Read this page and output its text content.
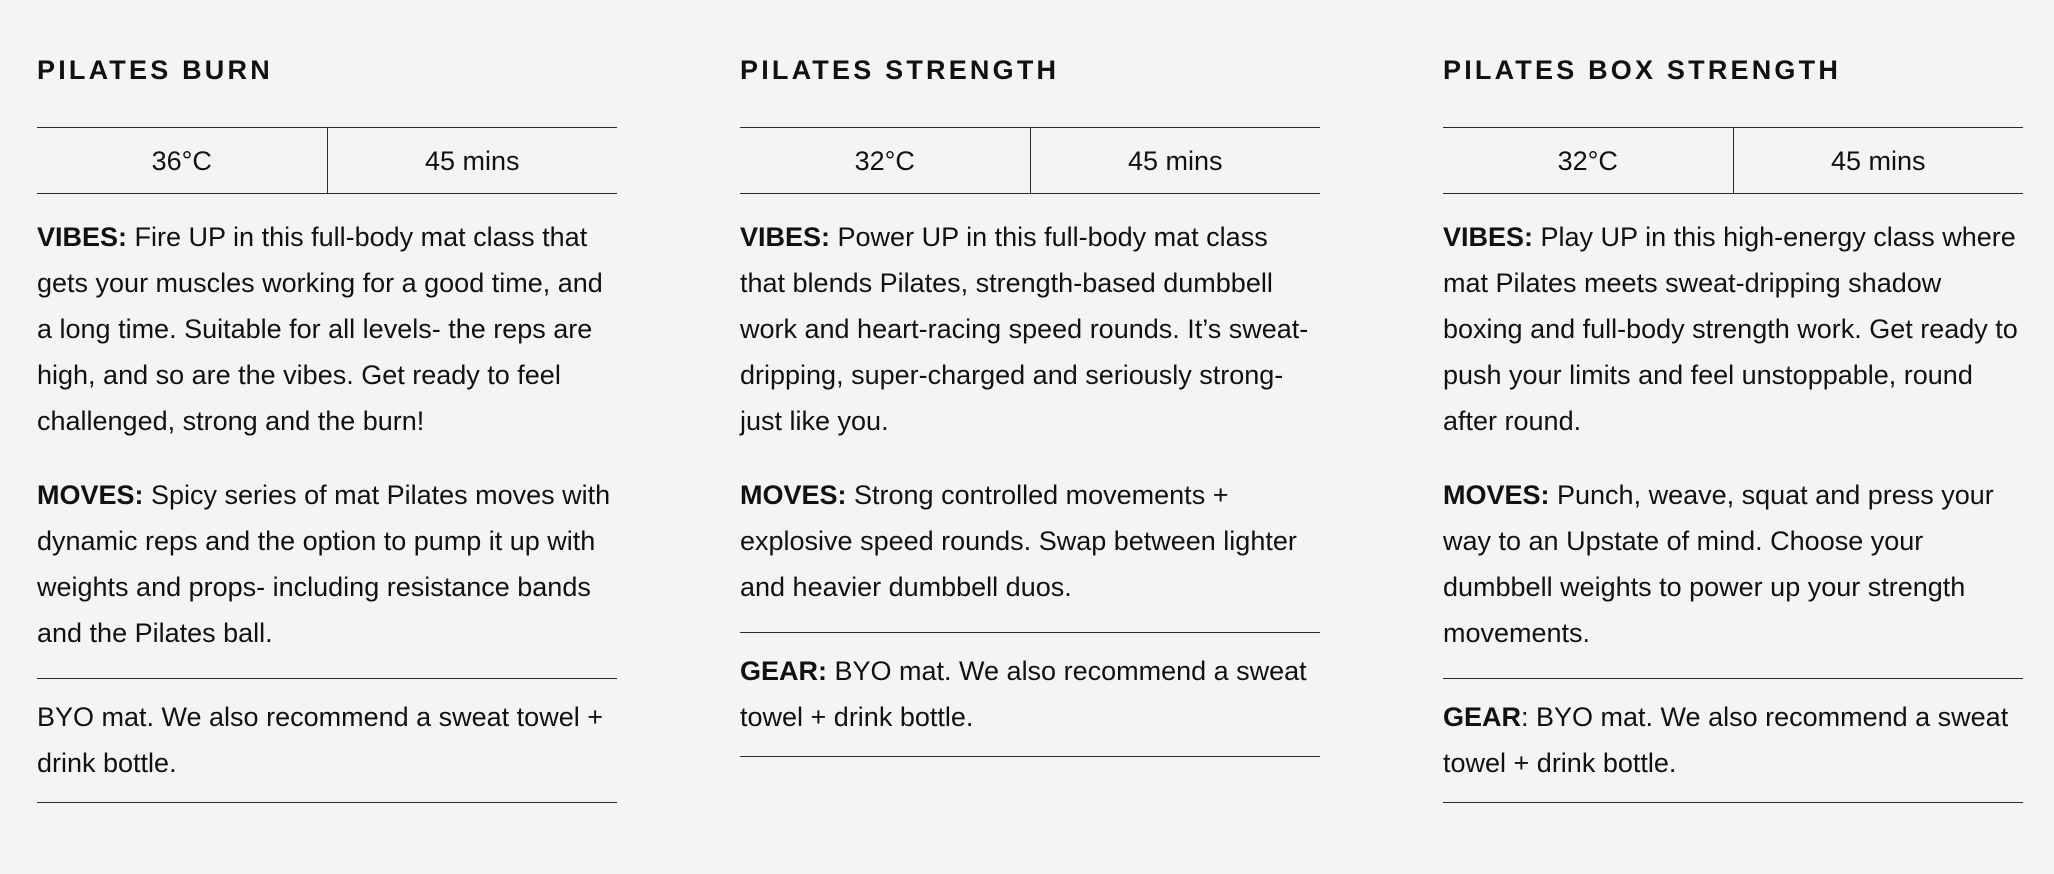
PILATES BURN
36°C	45 mins

VIBES: Fire UP in this full-body mat class that gets your muscles working for a good time, and a long time. Suitable for all levels- the reps are high, and so are the vibes. Get ready to feel challenged, strong and the burn!

MOVES: Spicy series of mat Pilates moves with dynamic reps and the option to pump it up with weights and props- including resistance bands and the Pilates ball.

BYO mat. We also recommend a sweat towel + drink bottle.

PILATES STRENGTH
32°C	45 mins

VIBES: Power UP in this full-body mat class that blends Pilates, strength-based dumbbell work and heart-racing speed rounds. It’s sweat-dripping, super-charged and seriously strong- just like you.

MOVES: Strong controlled movements + explosive speed rounds. Swap between lighter and heavier dumbbell duos.

GEAR: BYO mat. We also recommend a sweat towel + drink bottle.

PILATES BOX STRENGTH
32°C	45 mins

VIBES: Play UP in this high-energy class where mat Pilates meets sweat-dripping shadow boxing and full-body strength work. Get ready to push your limits and feel unstoppable, round after round.

MOVES: Punch, weave, squat and press your way to an Upstate of mind. Choose your dumbbell weights to power up your strength movements.

GEAR: BYO mat. We also recommend a sweat towel + drink bottle.
